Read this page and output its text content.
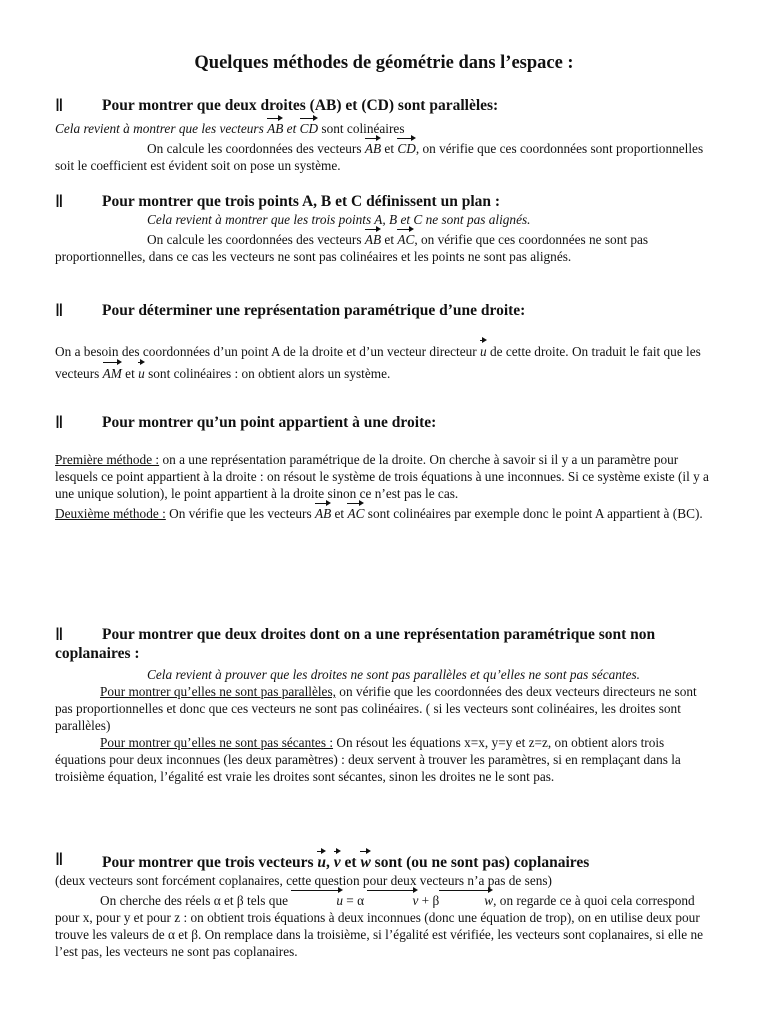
Quelques méthodes de géométrie dans l’espace :
ǁ	Pour montrer que deux droites (AB) et (CD) sont parallèles:

Cela revient à montrer que les vecteurs AB et CD sont colinéaires

On calcule les coordonnées des vecteurs AB et CD, on vérifie que ces coordonnées sont proportionnelles soit le coefficient est évident soit on pose un système.

ǁ	Pour montrer que trois points A, B et C définissent un plan :

Cela revient à montrer que les trois points A, B et C ne sont pas alignés.

On calcule les coordonnées des vecteurs AB et AC, on vérifie que ces coordonnées ne sont pas proportionnelles, dans ce cas les vecteurs ne sont pas colinéaires et les points ne sont pas alignés.

ǁ	Pour déterminer une représentation paramétrique d’une droite:

On a besoin des coordonnées d’un point A de la droite et d’un vecteur directeur u de cette droite. On traduit le fait que les vecteurs AM et u sont colinéaires : on obtient alors un système.

ǁ	Pour montrer qu’un point appartient à une droite:

Première méthode : on a une représentation paramétrique de la droite. On cherche à savoir si il y a un paramètre pour lesquels ce point appartient à la droite : on résout le système de trois équations à une inconnues. Si ce système existe (il y a une unique solution), le point appartient à la droite sinon ce n’est pas le cas.

Deuxième méthode : On vérifie que les vecteurs AB et AC sont colinéaires par exemple donc le point A appartient à (BC).

ǁ	Pour montrer que deux droites dont on a une représentation paramétrique sont non coplanaires :

Cela revient à prouver que les droites ne sont pas parallèles et qu’elles ne sont pas sécantes.

Pour montrer qu’elles ne sont pas parallèles, on vérifie que les coordonnées des deux vecteurs directeurs ne sont pas proportionnelles et donc que ces vecteurs ne sont pas colinéaires. ( si les vecteurs sont colinéaires, les droites sont parallèles)

Pour montrer qu’elles ne sont pas sécantes : On résout les équations x=x, y=y et z=z, on obtient alors trois équations pour deux inconnues (les deux paramètres) : deux servent à trouver les paramètres, si en remplaçant dans la troisième équation, l’égalité est vraie les droites sont sécantes, sinon les droites ne le sont pas.

ǁ	Pour montrer que trois vecteurs u, v et w sont (ou ne sont pas) coplanaires

(deux vecteurs sont forcément coplanaires, cette question pour deux vecteurs n’a pas de sens)

On cherche des réels α et β tels que	u = α	v + β	w, on regarde ce à quoi cela correspond pour x, pour y et pour z : on obtient trois équations à deux inconnues (donc une équation de trop), on en utilise deux pour trouve les valeurs de α et β. On remplace dans la troisième, si l’égalité est vérifiée, les vecteurs sont coplanaires, si elle ne l’est pas, les vecteurs ne sont pas coplanaires.
